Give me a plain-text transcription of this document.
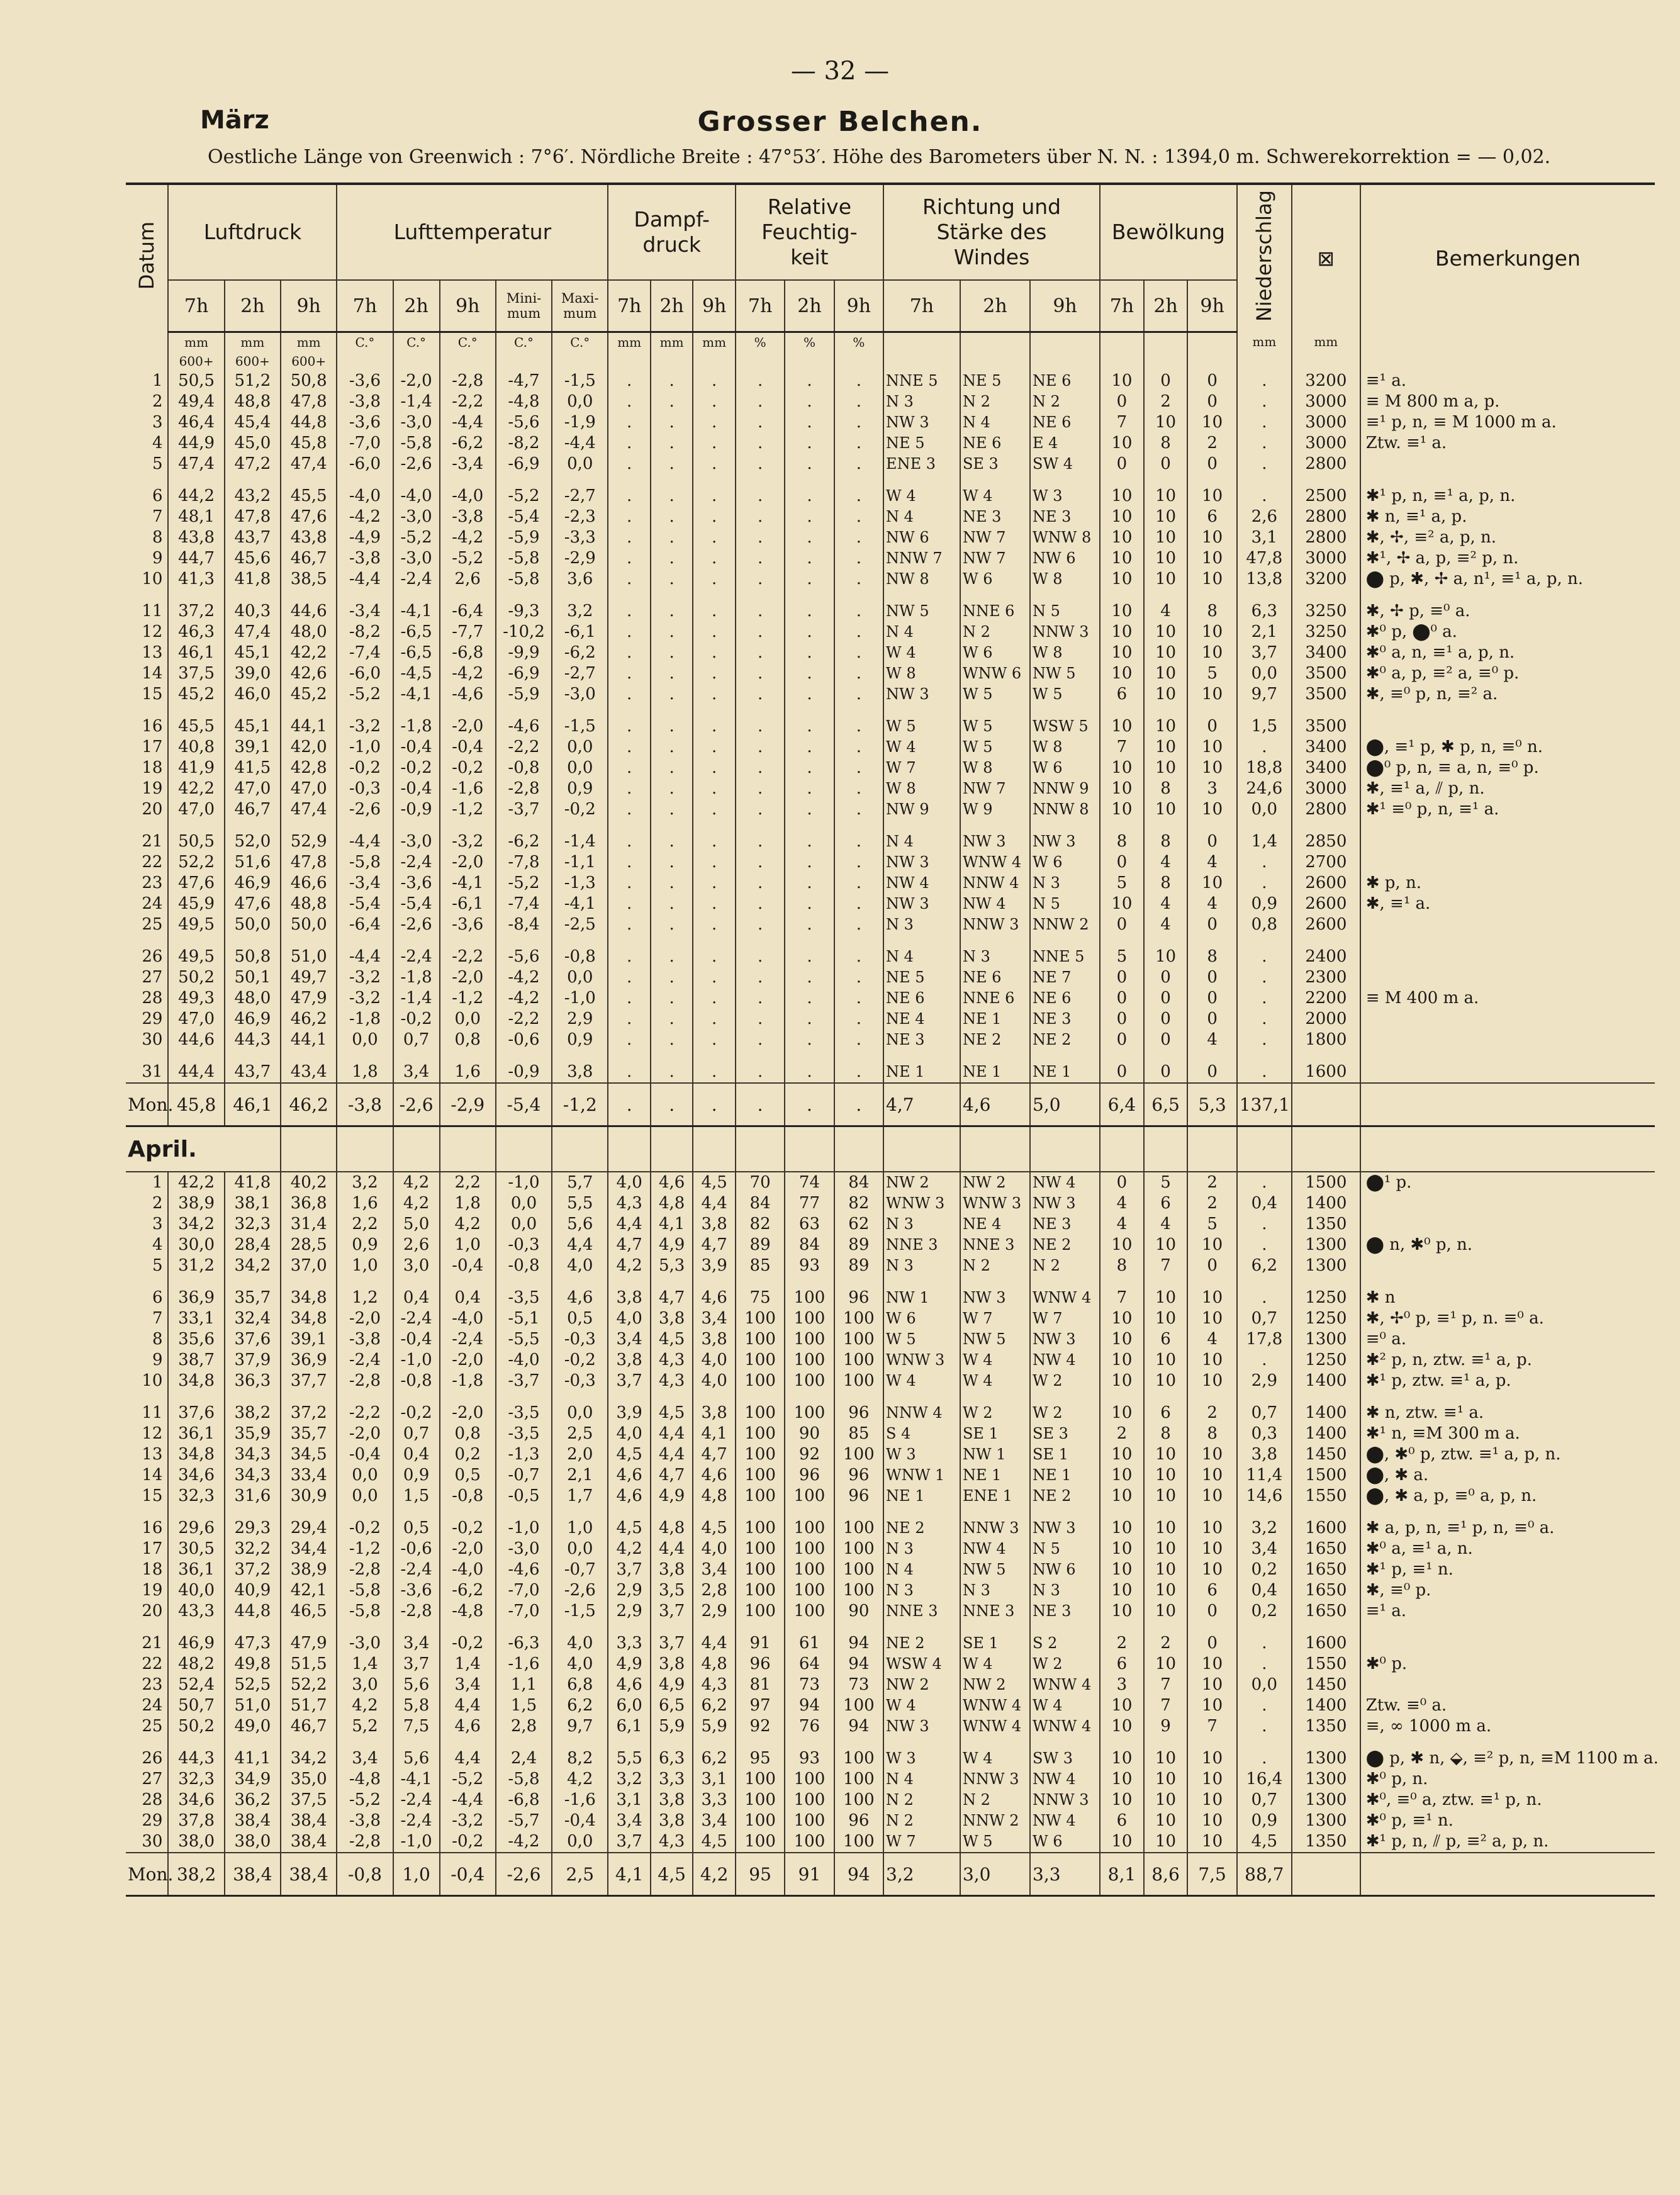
— 32 —
März	Grosser Belchen.
Oestliche Länge von Greenwich : 7°6′. Nördliche Breite : 47°53′. Höhe des Barometers über N. N. : 1394,0 m. Schwerekorrektion = — 0,02.
Datum	Luftdruck			Lufttemperatur					Dampf-druck			Relative Feuchtig-keit			Richtung und Stärke des Windes			Bewölkung			Niederschlag	⊠	Bemerkungen
	7h	2h	9h	7h	2h	9h	Mini-mum	Maxi-mum	7h	2h	9h	7h	2h	9h	7h	2h	9h	7h	2h	9h			
	mm	mm	mm	C.°	C.°	C.°	C.°	C.°	mm	mm	mm	%	%	%							mm	mm	
	600+	600+	600+																				
1	50,5	51,2	50,8	-3,6	-2,0	-2,8	-4,7	-1,5	.	.	.	.	.	.	NNE 5	NE 5	NE 6	10	0	0	.	3200	≡¹ a.
2	49,4	48,8	47,8	-3,8	-1,4	-2,2	-4,8	0,0	.	.	.	.	.	.	N 3	N 2	N 2	0	2	0	.	3000	≡ M 800 m a, p.
3	46,4	45,4	44,8	-3,6	-3,0	-4,4	-5,6	-1,9	.	.	.	.	.	.	NW 3	N 4	NE 6	7	10	10	.	3000	≡¹ p, n, ≡ M 1000 m a.
4	44,9	45,0	45,8	-7,0	-5,8	-6,2	-8,2	-4,4	.	.	.	.	.	.	NE 5	NE 6	E 4	10	8	2	.	3000	Ztw. ≡¹ a.
5	47,4	47,2	47,4	-6,0	-2,6	-3,4	-6,9	0,0	.	.	.	.	.	.	ENE 3	SE 3	SW 4	0	0	0	.	2800	

6	44,2	43,2	45,5	-4,0	-4,0	-4,0	-5,2	-2,7	.	.	.	.	.	.	W 4	W 4	W 3	10	10	10	.	2500	✱¹ p, n, ≡¹ a, p, n.
7	48,1	47,8	47,6	-4,2	-3,0	-3,8	-5,4	-2,3	.	.	.	.	.	.	N 4	NE 3	NE 3	10	10	6	2,6	2800	✱ n, ≡¹ a, p.
8	43,8	43,7	43,8	-4,9	-5,2	-4,2	-5,9	-3,3	.	.	.	.	.	.	NW 6	NW 7	WNW 8	10	10	10	3,1	2800	✱, ✢, ≡² a, p, n.
9	44,7	45,6	46,7	-3,8	-3,0	-5,2	-5,8	-2,9	.	.	.	.	.	.	NNW 7	NW 7	NW 6	10	10	10	47,8	3000	✱¹, ✢ a, p, ≡² p, n.
10	41,3	41,8	38,5	-4,4	-2,4	2,6	-5,8	3,6	.	.	.	.	.	.	NW 8	W 6	W 8	10	10	10	13,8	3200	⬤ p, ✱, ✢ a, n¹, ≡¹ a, p, n.

11	37,2	40,3	44,6	-3,4	-4,1	-6,4	-9,3	3,2	.	.	.	.	.	.	NW 5	NNE 6	N 5	10	4	8	6,3	3250	✱, ✢ p, ≡⁰ a.
12	46,3	47,4	48,0	-8,2	-6,5	-7,7	-10,2	-6,1	.	.	.	.	.	.	N 4	N 2	NNW 3	10	10	10	2,1	3250	✱⁰ p, ⬤⁰ a.
13	46,1	45,1	42,2	-7,4	-6,5	-6,8	-9,9	-6,2	.	.	.	.	.	.	W 4	W 6	W 8	10	10	10	3,7	3400	✱⁰ a, n, ≡¹ a, p, n.
14	37,5	39,0	42,6	-6,0	-4,5	-4,2	-6,9	-2,7	.	.	.	.	.	.	W 8	WNW 6	NW 5	10	10	5	0,0	3500	✱⁰ a, p, ≡² a, ≡⁰ p.
15	45,2	46,0	45,2	-5,2	-4,1	-4,6	-5,9	-3,0	.	.	.	.	.	.	NW 3	W 5	W 5	6	10	10	9,7	3500	✱, ≡⁰ p, n, ≡² a.

16	45,5	45,1	44,1	-3,2	-1,8	-2,0	-4,6	-1,5	.	.	.	.	.	.	W 5	W 5	WSW 5	10	10	0	1,5	3500	
17	40,8	39,1	42,0	-1,0	-0,4	-0,4	-2,2	0,0	.	.	.	.	.	.	W 4	W 5	W 8	7	10	10	.	3400	⬤, ≡¹ p, ✱ p, n, ≡⁰ n.
18	41,9	41,5	42,8	-0,2	-0,2	-0,2	-0,8	0,0	.	.	.	.	.	.	W 7	W 8	W 6	10	10	10	18,8	3400	⬤⁰ p, n, ≡ a, n, ≡⁰ p.
19	42,2	47,0	47,0	-0,3	-0,4	-1,6	-2,8	0,9	.	.	.	.	.	.	W 8	NW 7	NNW 9	10	8	3	24,6	3000	✱, ≡¹ a, ⫽ p, n.
20	47,0	46,7	47,4	-2,6	-0,9	-1,2	-3,7	-0,2	.	.	.	.	.	.	NW 9	W 9	NNW 8	10	10	10	0,0	2800	✱¹ ≡⁰ p, n, ≡¹ a.

21	50,5	52,0	52,9	-4,4	-3,0	-3,2	-6,2	-1,4	.	.	.	.	.	.	N 4	NW 3	NW 3	8	8	0	1,4	2850	
22	52,2	51,6	47,8	-5,8	-2,4	-2,0	-7,8	-1,1	.	.	.	.	.	.	NW 3	WNW 4	W 6	0	4	4	.	2700	
23	47,6	46,9	46,6	-3,4	-3,6	-4,1	-5,2	-1,3	.	.	.	.	.	.	NW 4	NNW 4	N 3	5	8	10	.	2600	✱ p, n.
24	45,9	47,6	48,8	-5,4	-5,4	-6,1	-7,4	-4,1	.	.	.	.	.	.	NW 3	NW 4	N 5	10	4	4	0,9	2600	✱, ≡¹ a.
25	49,5	50,0	50,0	-6,4	-2,6	-3,6	-8,4	-2,5	.	.	.	.	.	.	N 3	NNW 3	NNW 2	0	4	0	0,8	2600	

26	49,5	50,8	51,0	-4,4	-2,4	-2,2	-5,6	-0,8	.	.	.	.	.	.	N 4	N 3	NNE 5	5	10	8	.	2400	
27	50,2	50,1	49,7	-3,2	-1,8	-2,0	-4,2	0,0	.	.	.	.	.	.	NE 5	NE 6	NE 7	0	0	0	.	2300	
28	49,3	48,0	47,9	-3,2	-1,4	-1,2	-4,2	-1,0	.	.	.	.	.	.	NE 6	NNE 6	NE 6	0	0	0	.	2200	≡ M 400 m a.
29	47,0	46,9	46,2	-1,8	-0,2	0,0	-2,2	2,9	.	.	.	.	.	.	NE 4	NE 1	NE 3	0	0	0	.	2000	
30	44,6	44,3	44,1	0,0	0,7	0,8	-0,6	0,9	.	.	.	.	.	.	NE 3	NE 2	NE 2	0	0	4	.	1800	

31	44,4	43,7	43,4	1,8	3,4	1,6	-0,9	3,8	.	.	.	.	.	.	NE 1	NE 1	NE 1	0	0	0	.	1600	
Mon.	45,8	46,1	46,2	-3,8	-2,6	-2,9	-5,4	-1,2	.	.	.	.	.	.	4,7	4,6	5,0	6,4	6,5	5,3	137,1		
April.																							
1	42,2	41,8	40,2	3,2	4,2	2,2	-1,0	5,7	4,0	4,6	4,5	70	74	84	NW 2	NW 2	NW 4	0	5	2	.	1500	⬤¹ p.
2	38,9	38,1	36,8	1,6	4,2	1,8	0,0	5,5	4,3	4,8	4,4	84	77	82	WNW 3	WNW 3	NW 3	4	6	2	0,4	1400	
3	34,2	32,3	31,4	2,2	5,0	4,2	0,0	5,6	4,4	4,1	3,8	82	63	62	N 3	NE 4	NE 3	4	4	5	.	1350	
4	30,0	28,4	28,5	0,9	2,6	1,0	-0,3	4,4	4,7	4,9	4,7	89	84	89	NNE 3	NNE 3	NE 2	10	10	10	.	1300	⬤ n, ✱⁰ p, n.
5	31,2	34,2	37,0	1,0	3,0	-0,4	-0,8	4,0	4,2	5,3	3,9	85	93	89	N 3	N 2	N 2	8	7	0	6,2	1300	

6	36,9	35,7	34,8	1,2	0,4	0,4	-3,5	4,6	3,8	4,7	4,6	75	100	96	NW 1	NW 3	WNW 4	7	10	10	.	1250	✱ n
7	33,1	32,4	34,8	-2,0	-2,4	-4,0	-5,1	0,5	4,0	3,8	3,4	100	100	100	W 6	W 7	W 7	10	10	10	0,7	1250	✱, ✢⁰ p, ≡¹ p, n. ≡⁰ a.
8	35,6	37,6	39,1	-3,8	-0,4	-2,4	-5,5	-0,3	3,4	4,5	3,8	100	100	100	W 5	NW 5	NW 3	10	6	4	17,8	1300	≡⁰ a.
9	38,7	37,9	36,9	-2,4	-1,0	-2,0	-4,0	-0,2	3,8	4,3	4,0	100	100	100	WNW 3	W 4	NW 4	10	10	10	.	1250	✱² p, n, ztw. ≡¹ a, p.
10	34,8	36,3	37,7	-2,8	-0,8	-1,8	-3,7	-0,3	3,7	4,3	4,0	100	100	100	W 4	W 4	W 2	10	10	10	2,9	1400	✱¹ p, ztw. ≡¹ a, p.

11	37,6	38,2	37,2	-2,2	-0,2	-2,0	-3,5	0,0	3,9	4,5	3,8	100	100	96	NNW 4	W 2	W 2	10	6	2	0,7	1400	✱ n, ztw. ≡¹ a.
12	36,1	35,9	35,7	-2,0	0,7	0,8	-3,5	2,5	4,0	4,4	4,1	100	90	85	S 4	SE 1	SE 3	2	8	8	0,3	1400	✱¹ n, ≡M 300 m a.
13	34,8	34,3	34,5	-0,4	0,4	0,2	-1,3	2,0	4,5	4,4	4,7	100	92	100	W 3	NW 1	SE 1	10	10	10	3,8	1450	⬤, ✱⁰ p, ztw. ≡¹ a, p, n.
14	34,6	34,3	33,4	0,0	0,9	0,5	-0,7	2,1	4,6	4,7	4,6	100	96	96	WNW 1	NE 1	NE 1	10	10	10	11,4	1500	⬤, ✱ a.
15	32,3	31,6	30,9	0,0	1,5	-0,8	-0,5	1,7	4,6	4,9	4,8	100	100	96	NE 1	ENE 1	NE 2	10	10	10	14,6	1550	⬤, ✱ a, p, ≡⁰ a, p, n.

16	29,6	29,3	29,4	-0,2	0,5	-0,2	-1,0	1,0	4,5	4,8	4,5	100	100	100	NE 2	NNW 3	NW 3	10	10	10	3,2	1600	✱ a, p, n, ≡¹ p, n, ≡⁰ a.
17	30,5	32,2	34,4	-1,2	-0,6	-2,0	-3,0	0,0	4,2	4,4	4,0	100	100	100	N 3	NW 4	N 5	10	10	10	3,4	1650	✱⁰ a, ≡¹ a, n.
18	36,1	37,2	38,9	-2,8	-2,4	-4,0	-4,6	-0,7	3,7	3,8	3,4	100	100	100	N 4	NW 5	NW 6	10	10	10	0,2	1650	✱¹ p, ≡¹ n.
19	40,0	40,9	42,1	-5,8	-3,6	-6,2	-7,0	-2,6	2,9	3,5	2,8	100	100	100	N 3	N 3	N 3	10	10	6	0,4	1650	✱, ≡⁰ p.
20	43,3	44,8	46,5	-5,8	-2,8	-4,8	-7,0	-1,5	2,9	3,7	2,9	100	100	90	NNE 3	NNE 3	NE 3	10	10	0	0,2	1650	≡¹ a.

21	46,9	47,3	47,9	-3,0	3,4	-0,2	-6,3	4,0	3,3	3,7	4,4	91	61	94	NE 2	SE 1	S 2	2	2	0	.	1600	
22	48,2	49,8	51,5	1,4	3,7	1,4	-1,6	4,0	4,9	3,8	4,8	96	64	94	WSW 4	W 4	W 2	6	10	10	.	1550	✱⁰ p.
23	52,4	52,5	52,2	3,0	5,6	3,4	1,1	6,8	4,6	4,9	4,3	81	73	73	NW 2	NW 2	WNW 4	3	7	10	0,0	1450	
24	50,7	51,0	51,7	4,2	5,8	4,4	1,5	6,2	6,0	6,5	6,2	97	94	100	W 4	WNW 4	W 4	10	7	10	.	1400	Ztw. ≡⁰ a.
25	50,2	49,0	46,7	5,2	7,5	4,6	2,8	9,7	6,1	5,9	5,9	92	76	94	NW 3	WNW 4	WNW 4	10	9	7	.	1350	≡, ∞ 1000 m a.

26	44,3	41,1	34,2	3,4	5,6	4,4	2,4	8,2	5,5	6,3	6,2	95	93	100	W 3	W 4	SW 3	10	10	10	.	1300	⬤ p, ✱ n, ⬙, ≡² p, n, ≡M 1100 m a.
27	32,3	34,9	35,0	-4,8	-4,1	-5,2	-5,8	4,2	3,2	3,3	3,1	100	100	100	N 4	NNW 3	NW 4	10	10	10	16,4	1300	✱⁰ p, n.
28	34,6	36,2	37,5	-5,2	-2,4	-4,4	-6,8	-1,6	3,1	3,8	3,3	100	100	100	N 2	N 2	NNW 3	10	10	10	0,7	1300	✱⁰, ≡⁰ a, ztw. ≡¹ p, n.
29	37,8	38,4	38,4	-3,8	-2,4	-3,2	-5,7	-0,4	3,4	3,8	3,4	100	100	96	N 2	NNW 2	NW 4	6	10	10	0,9	1300	✱⁰ p, ≡¹ n.
30	38,0	38,0	38,4	-2,8	-1,0	-0,2	-4,2	0,0	3,7	4,3	4,5	100	100	100	W 7	W 5	W 6	10	10	10	4,5	1350	✱¹ p, n, ⫽ p, ≡² a, p, n.
Mon.	38,2	38,4	38,4	-0,8	1,0	-0,4	-2,6	2,5	4,1	4,5	4,2	95	91	94	3,2	3,0	3,3	8,1	8,6	7,5	88,7		
